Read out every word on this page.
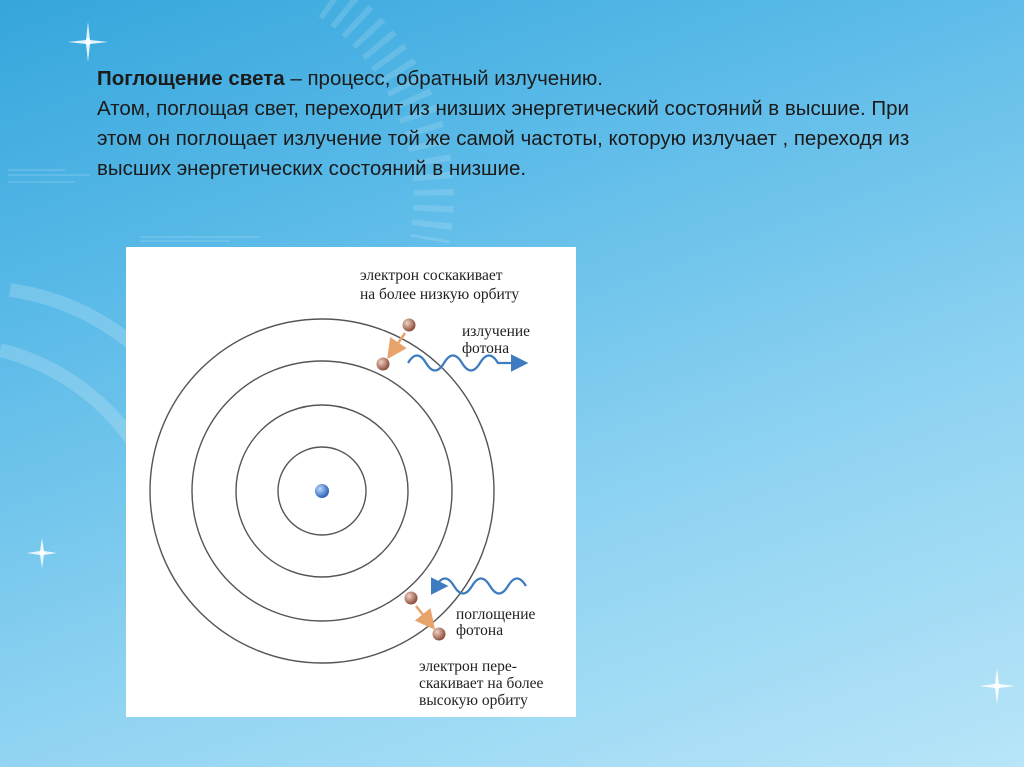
Поглощение света – процесс, обратный излучению.

Атом, поглощая свет, переходит из низших энергетический состояний в высшие. При этом он поглощает излучение той же самой частоты, которую излучает , переходя из высших энергетических состояний в низшие.

электрон соскакивает
на более низкую орбиту
излучение
фотона
поглощение
фотона
электрон пере-
скакивает на более
высокую орбиту
